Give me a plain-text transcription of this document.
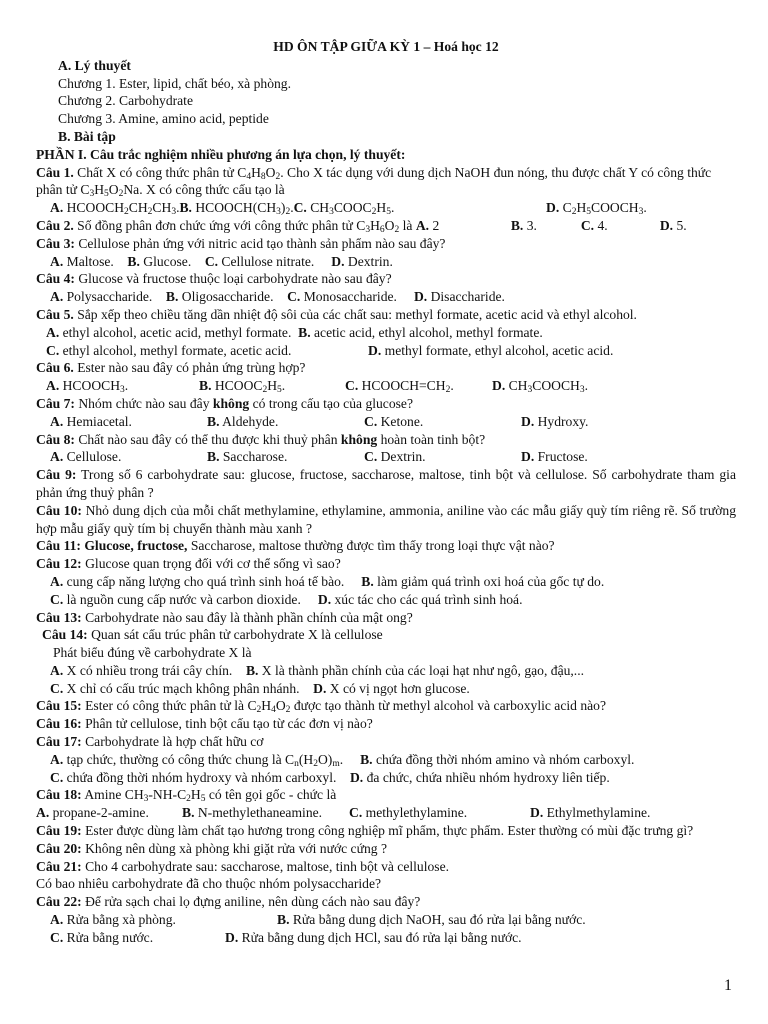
HD ÔN TẬP GIỮA KỲ 1 – Hoá học 12
A. Lý thuyết
Chương 1. Ester, lipid, chất béo, xà phòng.
Chương 2. Carbohydrate
Chương 3. Amine, amino acid, peptide
B. Bài tập
PHẦN I. Câu trắc nghiệm nhiều phương án lựa chọn, lý thuyết:
Câu 1. Chất X có công thức phân tử $C_4H_8O_2$. Cho X tác dụng với dung dịch NaOH đun nóng, thu được chất Y có công thức phân tử $C_3H_5O_2Na$. X có công thức cấu tạo là
A. $HCOOCH_2CH_2CH_3.B$. $HCOOCH(CH_3)_2.C$. $CH_3COOC_2H_5$.	D. $C_2H_5COOCH_3$.
Câu 2. Số đồng phân đơn chức ứng với công thức phân tử $C_3H_6O_2$ là A. 2	B. 3.	C. 4.	D. 5.
Câu 3: Cellulose phản ứng với nitric acid tạo thành sản phẩm nào sau đây?
A. Maltose. B. Glucose. C. Cellulose nitrate. D. Dextrin.
Câu 4: Glucose và fructose thuộc loại carbohydrate nào sau đây?
A. Polysaccharide. B. Oligosaccharide. C. Monosaccharide. D. Disaccharide.
Câu 5. Sắp xếp theo chiều tăng dần nhiệt độ sôi của các chất sau: methyl formate, acetic acid và ethyl alcohol.
A. ethyl alcohol, acetic acid, methyl formate. B. acetic acid, ethyl alcohol, methyl formate.
C. ethyl alcohol, methyl formate, acetic acid.	D. methyl formate, ethyl alcohol, acetic acid.
Câu 6. Ester nào sau đây có phản ứng trùng hợp?
A. $HCOOCH_3$.	B. $HCOOC_2H_5$.	C. $HCOOCH=CH_2$.	D. $CH_3COOCH_3$.
Câu 7: Nhóm chức nào sau đây không có trong cấu tạo của glucose?
A. Hemiacetal.	B. Aldehyde.	C. Ketone.	D. Hydroxy.
Câu 8: Chất nào sau đây có thể thu được khi thuỷ phân không hoàn toàn tinh bột?
A. Cellulose.	B. Saccharose.	C. Dextrin.	D. Fructose.
Câu 9: Trong số 6 carbohydrate sau: glucose, fructose, saccharose, maltose, tinh bột và cellulose. Số carbohydrate tham gia phản ứng thuỷ phân ?
Câu 10: Nhỏ dung dịch của mỗi chất methylamine, ethylamine, ammonia, aniline vào các mẫu giấy quỳ tím riêng rẽ. Số trường hợp mẫu giấy quỳ tím bị chuyển thành màu xanh ?
Câu 11: Glucose, fructose, Saccharose, maltose thường được tìm thấy trong loại thực vật nào?
Câu 12: Glucose quan trọng đối với cơ thể sống vì sao?
A. cung cấp năng lượng cho quá trình sinh hoá tế bào. B. làm giảm quá trình oxi hoá của gốc tự do.
C. là nguồn cung cấp nước và carbon dioxide. D. xúc tác cho các quá trình sinh hoá.
Câu 13: Carbohydrate nào sau đây là thành phần chính của mật ong?
Câu 14: Quan sát cấu trúc phân tử carbohydrate X là cellulose
Phát biểu đúng về carbohydrate X là
A. X có nhiều trong trái cây chín. B. X là thành phần chính của các loại hạt như ngô, gạo, đậu,...
C. X chỉ có cấu trúc mạch không phân nhánh. D. X có vị ngọt hơn glucose.
Câu 15: Ester có công thức phân tử là $C_2H_4O_2$ được tạo thành từ methyl alcohol và carboxylic acid nào?
Câu 16: Phân tử cellulose, tinh bột cấu tạo từ các đơn vị nào?
Câu 17: Carbohydrate là hợp chất hữu cơ
A. tạp chức, thường có công thức chung là $C_n(H_2O)_m$. B. chứa đồng thời nhóm amino và nhóm carboxyl.
C. chứa đồng thời nhóm hydroxy và nhóm carboxyl. D. đa chức, chứa nhiều nhóm hydroxy liên tiếp.
Câu 18: Amine $CH_3-NH-C_2H_5$ có tên gọi gốc - chức là
A. propane-2-amine. B. N-methylethaneamine. C. methylethylamine.	D. Ethylmethylamine.
Câu 19: Ester được dùng làm chất tạo hương trong công nghiệp mĩ phẩm, thực phẩm. Ester thường có mùi đặc trưng gì?
Câu 20: Không nên dùng xà phòng khi giặt rửa với nước cứng ?
Câu 21: Cho 4 carbohydrate sau: saccharose, maltose, tinh bột và cellulose.
Có bao nhiêu carbohydrate đã cho thuộc nhóm polysaccharide?
Câu 22: Để rửa sạch chai lọ đựng aniline, nên dùng cách nào sau đây?
A. Rửa bằng xà phòng.	B. Rửa bằng dung dịch NaOH, sau đó rửa lại bằng nước.
C. Rửa bằng nước.	D. Rửa bằng dung dịch HCl, sau đó rửa lại bằng nước.
1
